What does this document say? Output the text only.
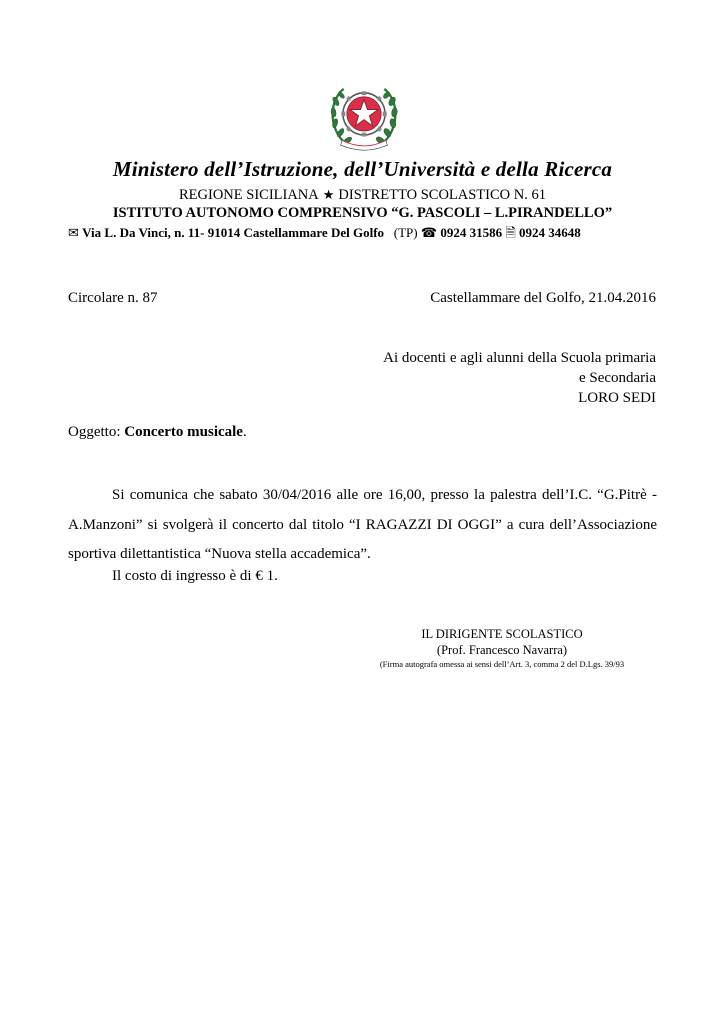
Ministero dell’Istruzione, dell’Università e della Ricerca
REGIONE SICILIANA ★ DISTRETTO SCOLASTICO N. 61
ISTITUTO AUTONOMO COMPRENSIVO “G. PASCOLI – L.PIRANDELLO”
✉ Via L. Da Vinci, n. 11- 91014 Castellammare Del Golfo (TP) ☎ 0924 31586 🗎 0924 34648
Circolare n. 87	Castellammare del Golfo, 21.04.2016
Ai docenti e agli alunni della Scuola primaria
e Secondaria
LORO SEDI
Oggetto: Concerto musicale.

Si comunica che sabato 30/04/2016 alle ore 16,00, presso la palestra dell’I.C. “G.Pitrè - A.Manzoni” si svolgerà il concerto dal titolo “I RAGAZZI DI OGGI” a cura dell’Associazione sportiva dilettantistica “Nuova stella accademica”.

Il costo di ingresso è di € 1.
IL DIRIGENTE SCOLASTICO
(Prof. Francesco Navarra)
(Firma autografa omessa ai sensi dell’Art. 3, comma 2 del D.Lgs. 39/93
